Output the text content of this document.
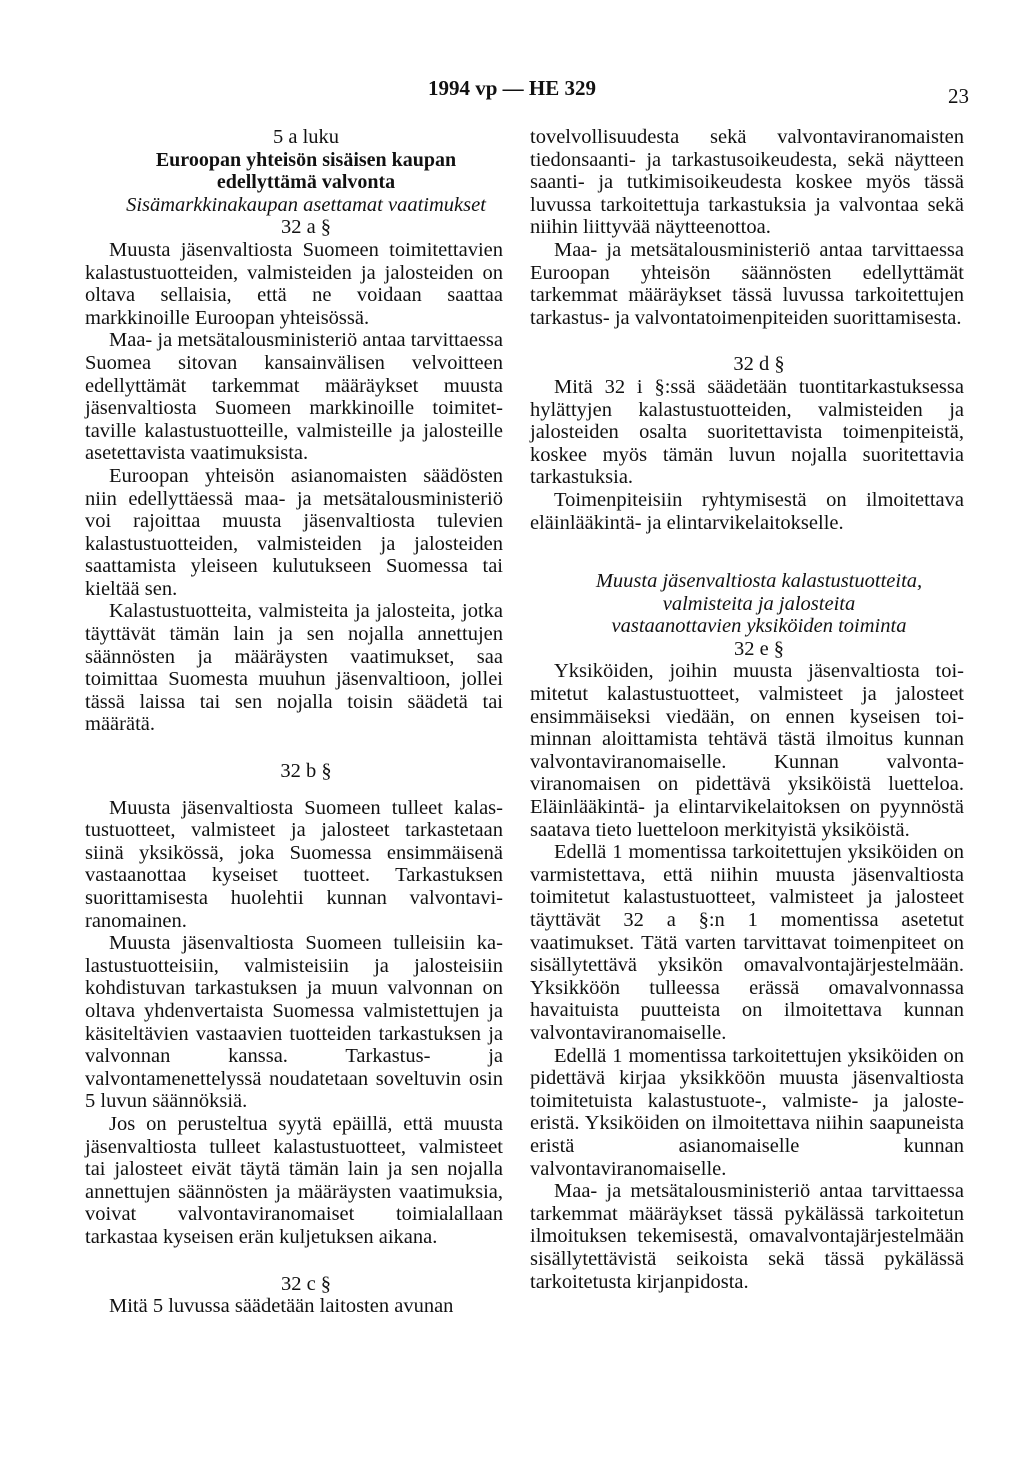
1994 vp — HE 329	23

5 a luku

Euroopan yhteisön sisäisen kaupan

edellyttämä valvonta

Sisämarkkinakaupan asettamat vaatimukset

32 a §

Muusta jäsenvaltiosta Suomeen toimitettavien kalastustuotteiden, valmisteiden ja jalosteiden on oltava sellaisia, että ne voidaan saattaa markkinoille Euroopan yhteisössä.

Maa- ja metsätalousministeriö antaa tarvittaessa Suomea sitovan kansainvälisen velvoitteen edellyttämät tarkemmat määräykset muusta jäsenvaltiosta Suomeen markkinoille toimitettaville kalastustuotteille, valmisteille ja jalosteille asetettavista vaatimuksista.

Euroopan yhteisön asianomaisten säädösten niin edellyttäessä maa- ja metsätalousministeriö voi rajoittaa muusta jäsenvaltiosta tulevien kalastustuotteiden, valmisteiden ja jalosteiden saattamista yleiseen kulutukseen Suomessa tai kieltää sen.

Kalastustuotteita, valmisteita ja jalosteita, jotka täyttävät tämän lain ja sen nojalla annettujen säännösten ja määräysten vaatimukset, saa toimittaa Suomesta muuhun jäsenvaltioon, jollei tässä laissa tai sen nojalla toisin säädetä tai määrätä.

32 b §

Muusta jäsenvaltiosta Suomeen tulleet kalastustuotteet, valmisteet ja jalosteet tarkastetaan siinä yksikössä, joka Suomessa ensimmäisenä vastaanottaa kyseiset tuotteet. Tarkastuksen suorittamisesta huolehtii kunnan valvontaviranomainen.

Muusta jäsenvaltiosta Suomeen tulleisiin kalastustuotteisiin, valmisteisiin ja jalosteisiin kohdistuvan tarkastuksen ja muun valvonnan on oltava yhdenvertaista Suomessa valmistettujen ja käsiteltävien vastaavien tuotteiden tarkastuksen ja valvonnan kanssa. Tarkastus- ja valvontamenettelyssä noudatetaan soveltuvin osin 5 luvun säännöksiä.

Jos on perusteltua syytä epäillä, että muusta jäsenvaltiosta tulleet kalastustuotteet, valmisteet tai jalosteet eivät täytä tämän lain ja sen nojalla annettujen säännösten ja määräysten vaatimuksia, voivat valvontaviranomaiset toimialallaan tarkastaa kyseisen erän kuljetuksen aikana.

32 c §

Mitä 5 luvussa säädetään laitosten avunan

tovelvollisuudesta sekä valvontaviranomaisten tiedonsaanti- ja tarkastusoikeudesta, sekä näytteen saanti- ja tutkimisoikeudesta koskee myös tässä luvussa tarkoitettuja tarkastuksia ja valvontaa sekä niihin liittyvää näytteenottoa.

Maa- ja metsätalousministeriö antaa tarvittaessa Euroopan yhteisön säännösten edellyttämät tarkemmat määräykset tässä luvussa tarkoitettujen tarkastus- ja valvontatoimenpiteiden suorittamisesta.

32 d §

Mitä 32 i §:ssä säädetään tuontitarkastuksessa hylättyjen kalastustuotteiden, valmisteiden ja jalosteiden osalta suoritettavista toimenpiteistä, koskee myös tämän luvun nojalla suoritettavia tarkastuksia.

Toimenpiteisiin ryhtymisestä on ilmoitettava eläinlääkintä- ja elintarvikelaitokselle.

Muusta jäsenvaltiosta kalastustuotteita,

valmisteita ja jalosteita

vastaanottavien yksiköiden toiminta

32 e §

Yksiköiden, joihin muusta jäsenvaltiosta toimitetut kalastustuotteet, valmisteet ja jalosteet ensimmäiseksi viedään, on ennen kyseisen toiminnan aloittamista tehtävä tästä ilmoitus kunnan valvontaviranomaiselle. Kunnan valvontaviranomaisen on pidettävä yksiköistä luetteloa. Eläinlääkintä- ja elintarvikelaitoksen on pyynnöstä saatava tieto luetteloon merkityistä yksiköistä.

Edellä 1 momentissa tarkoitettujen yksiköiden on varmistettava, että niihin muusta jäsenvaltiosta toimitetut kalastustuotteet, valmisteet ja jalosteet täyttävät 32 a §:n 1 momentissa asetetut vaatimukset. Tätä varten tarvittavat toimenpiteet on sisällytettävä yksikön omavalvontajärjestelmään. Yksikköön tulleessa erässä omavalvonnassa havaituista puutteista on ilmoitettava kunnan valvontaviranomaiselle.

Edellä 1 momentissa tarkoitettujen yksiköiden on pidettävä kirjaa yksikköön muusta jäsenvaltiosta toimitetuista kalastustuote-, valmiste- ja jaloste-eristä. Yksiköiden on ilmoitettava niihin saapuneista eristä asianomaiselle kunnan valvontaviranomaiselle.

Maa- ja metsätalousministeriö antaa tarvittaessa tarkemmat määräykset tässä pykälässä tarkoitetun ilmoituksen tekemisestä, omavalvontajärjestelmään sisällytettävistä seikoista sekä tässä pykälässä tarkoitetusta kirjanpidosta.
